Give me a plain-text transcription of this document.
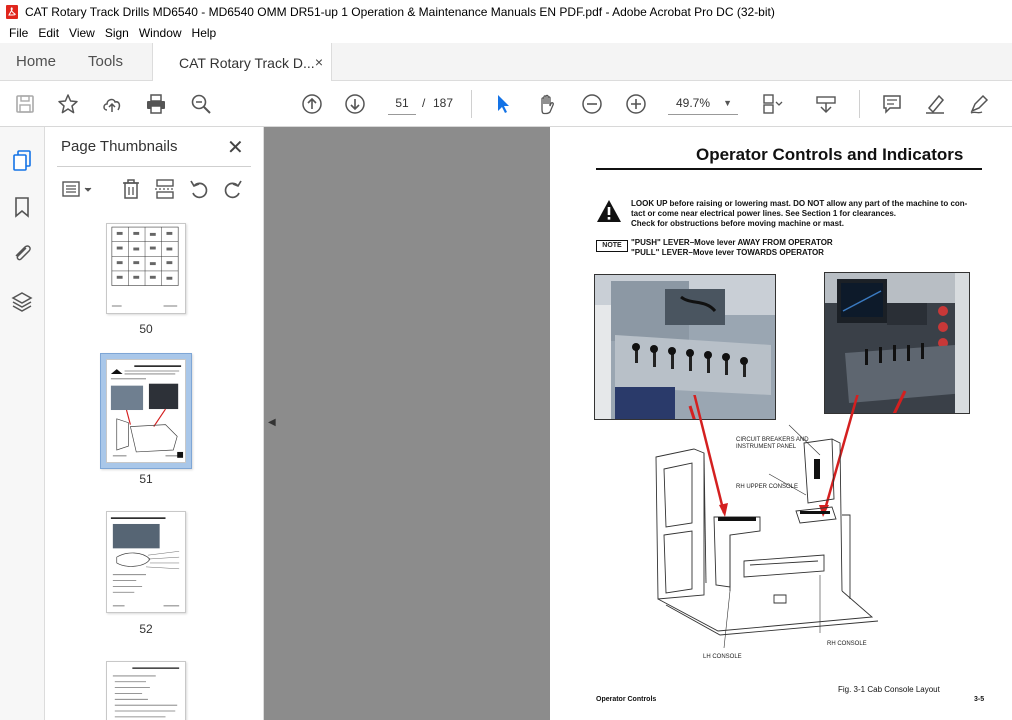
CAT Rotary Track Drills MD6540 - MD6540 OMM DR51-up 1 Operation & Maintenance Manuals EN PDF.pdf - Adobe Acrobat Pro DC (32-bit)
File Edit View Sign Window Help
Home Tools	CAT Rotary Track D... ×
51	/ 187	49.7% ▼
Page Thumbnails ✕
50
51
52
◀
Operator Controls and Indicators
LOOK UP before raising or lowering mast. DO NOT allow any part of the machine to con-
tact or come near electrical power lines. See Section 1 for clearances.
Check for obstructions before moving machine or mast.
NOTE	"PUSH" LEVER–Move lever AWAY FROM OPERATOR
"PULL" LEVER–Move lever TOWARDS OPERATOR
CIRCUIT BREAKERS AND
INSTRUMENT PANEL
RH UPPER CONSOLE
RH CONSOLE
LH CONSOLE
Fig. 3-1 Cab Console Layout
Operator Controls	3-5
